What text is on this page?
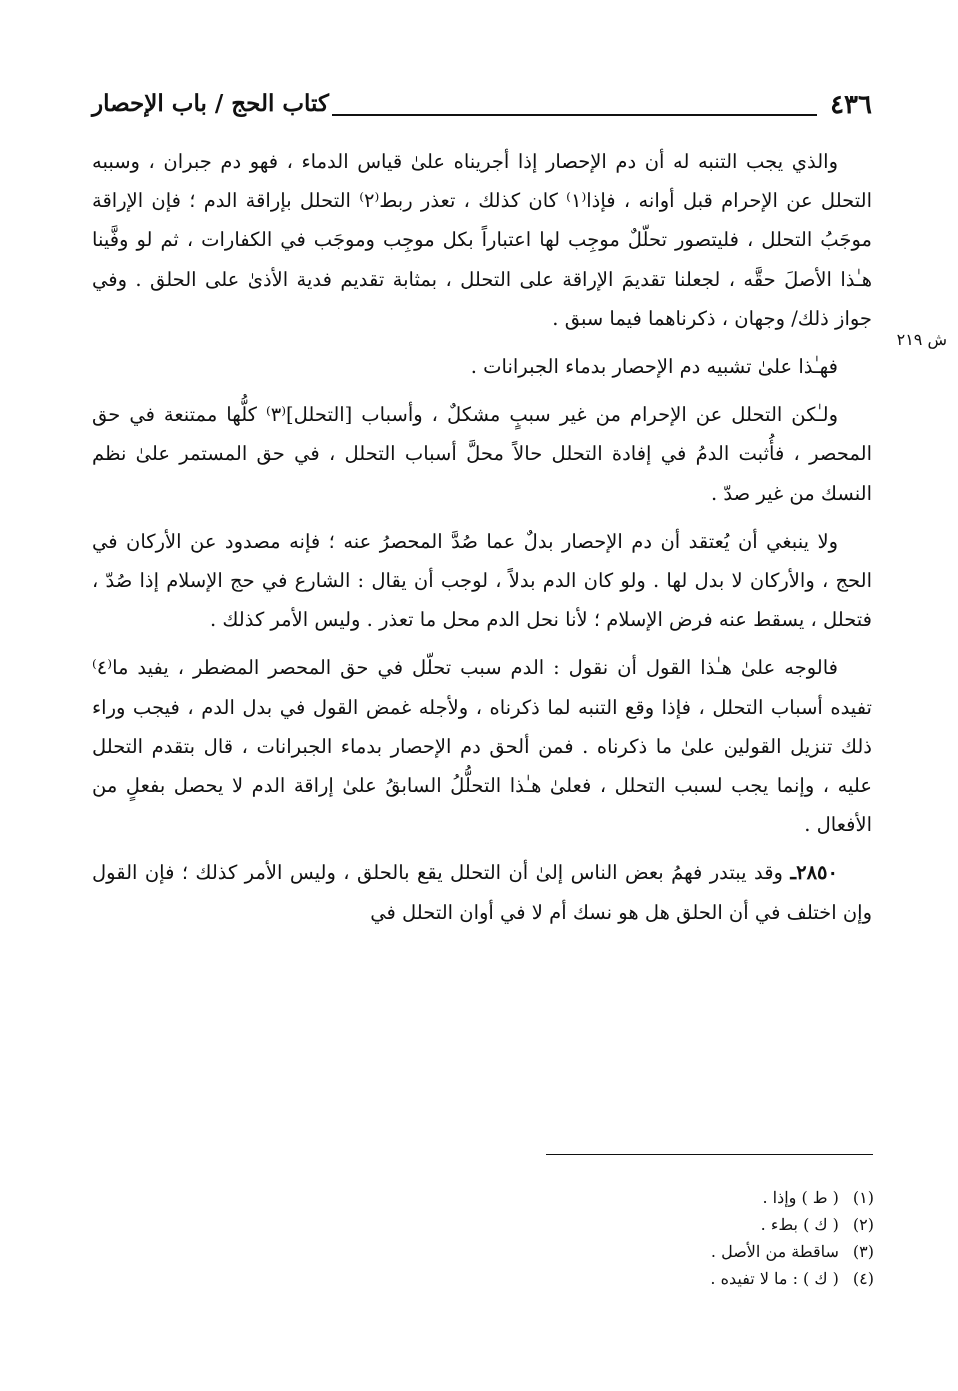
٤٣٦
كتاب الحج / باب الإحصار
ش ٢١٩

والذي يجب التنبه له أن دم الإحصار إذا أجريناه علىٰ قياس الدماء ، فهو دم جبران ، وسببه التحلل عن الإحرام قبل أوانه ، فإذا⁽١⁾ كان كذلك ، تعذر ربط⁽٢⁾ التحلل بإراقة الدم ؛ فإن الإراقة موجَبُ التحلل ، فليتصور تحلّلٌ موجِب لها اعتباراً بكل موجِب وموجَب في الكفارات ، ثم لو وفَّينا هـٰذا الأصلَ حقَّه ، لجعلنا تقديمَ الإراقة على التحلل ، بمثابة تقديم فدية الأذىٰ على الحلق . وفي جواز ذلك/ وجهان ، ذكرناهما فيما سبق .

فهـٰذا علىٰ تشبيه دم الإحصار بدماء الجبرانات .

ولـٰكن التحلل عن الإحرام من غير سببٍ مشكلٌ ، وأسباب [التحلل]⁽٣⁾ كلُّها ممتنعة في حق المحصر ، فأُثبت الدمُ في إفادة التحلل حالاً محلَّ أسباب التحلل ، في حق المستمر علىٰ نظم النسك من غير صدّ .

ولا ينبغي أن يُعتقد أن دم الإحصار بدلٌ عما صُدَّ المحصرُ عنه ؛ فإنه مصدود عن الأركان في الحج ، والأركان لا بدل لها . ولو كان الدم بدلاً ، لوجب أن يقال : الشارع في حج الإسلام إذا صُدّ ، فتحلل ، يسقط عنه فرض الإسلام ؛ لأنا نحل الدم محل ما تعذر . وليس الأمر كذلك .

فالوجه علىٰ هـٰذا القول أن نقول : الدم سبب تحلّل في حق المحصر المضطر ، يفيد ما⁽٤⁾ تفيده أسباب التحلل ، فإذا وقع التنبه لما ذكرناه ، ولأجله غمض القول في بدل الدم ، فيجب وراء ذلك تنزيل القولين علىٰ ما ذكرناه . فمن ألحق دم الإحصار بدماء الجبرانات ، قال بتقدم التحلل عليه ، وإنما يجب لسبب التحلل ، فعلىٰ هـٰذا التحلُّلُ السابقُ علىٰ إراقة الدم لا يحصل بفعلٍ من الأفعال .

٢٨٥٠ـ وقد يبتدر فهمُ بعض الناس إلىٰ أن التحلل يقع بالحلق ، وليس الأمر كذلك ؛ فإن القول وإن اختلف في أن الحلق هل هو نسك أم لا في أوان التحلل في

(١) ( ط ) وإذا .
(٢) ( ك ) بطء .
(٣) ساقطة من الأصل .
(٤) ( ك ) : ما لا تفيده .
